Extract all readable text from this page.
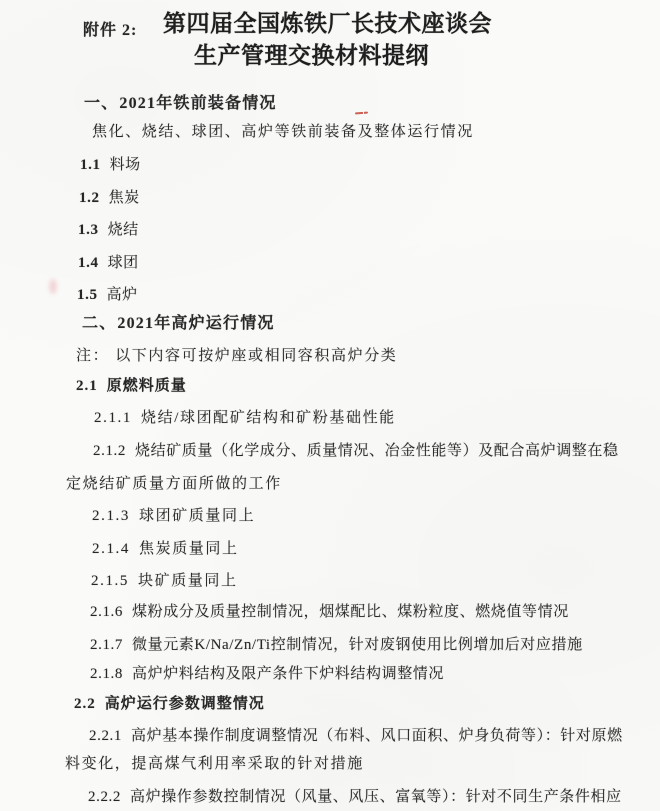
附件 2: 第四届全国炼铁厂长技术座谈会
生产管理交换材料提纲
一、2021年铁前装备情况
焦化、烧结、球团、高炉等铁前装备及整体运行情况
1.1 料场
1.2 焦炭
1.3 烧结
1.4 球团
1.5 高炉
二、2021年高炉运行情况
注： 以下内容可按炉座或相同容积高炉分类
2.1 原燃料质量
2.1.1 烧结/球团配矿结构和矿粉基础性能
2.1.2 烧结矿质量（化学成分、质量情况、冶金性能等）及配合高炉调整在稳
定烧结矿质量方面所做的工作
2.1.3 球团矿质量同上
2.1.4 焦炭质量同上
2.1.5 块矿质量同上
2.1.6 煤粉成分及质量控制情况，烟煤配比、煤粉粒度、燃烧值等情况
2.1.7 微量元素K/Na/Zn/Ti控制情况，针对废钢使用比例增加后对应措施
2.1.8 高炉炉料结构及限产条件下炉料结构调整情况
2.2 高炉运行参数调整情况
2.2.1 高炉基本操作制度调整情况（布料、风口面积、炉身负荷等）：针对原燃
料变化，提高煤气利用率采取的针对措施
2.2.2 高炉操作参数控制情况（风量、风压、富氧等）：针对不同生产条件相应
